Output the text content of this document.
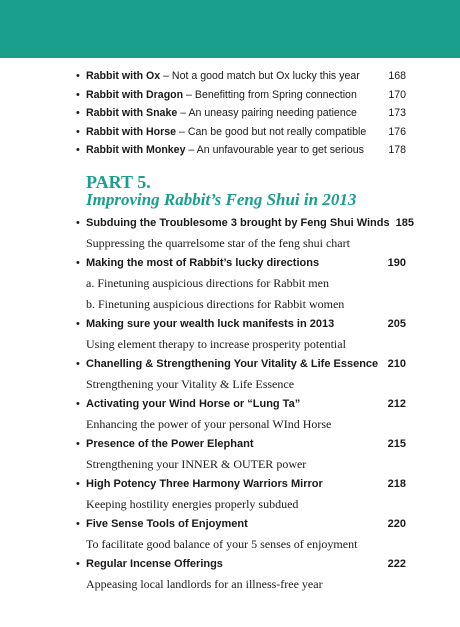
• Rabbit with Ox – Not a good match but Ox lucky this year	168
• Rabbit with Dragon – Benefitting from Spring connection	170
• Rabbit with Snake – An uneasy pairing needing patience	173
• Rabbit with Horse – Can be good but not really compatible	176
• Rabbit with Monkey – An unfavourable year to get serious	178
PART 5.
Improving Rabbit’s Feng Shui in 2013
• Subduing the Troublesome 3 brought by Feng Shui Winds 185
Suppressing the quarrelsome star of the feng shui chart
• Making the most of Rabbit’s lucky directions	190
a. Finetuning auspicious directions for Rabbit men
b. Finetuning auspicious directions for Rabbit women
• Making sure your wealth luck manifests in 2013	205
Using element therapy to increase prosperity potential
• Chanelling & Strengthening Your Vitality & Life Essence 210
Strengthening your Vitality & Life Essence
• Activating your Wind Horse or “Lung Ta”	212
Enhancing the power of your personal WInd Horse
• Presence of the Power Elephant	215
Strengthening your INNER & OUTER power
• High Potency Three Harmony Warriors Mirror	218
Keeping hostility energies properly subdued
• Five Sense Tools of Enjoyment	220
To facilitate good balance of your 5 senses of enjoyment
• Regular Incense Offerings	222
Appeasing local landlords for an illness-free year
